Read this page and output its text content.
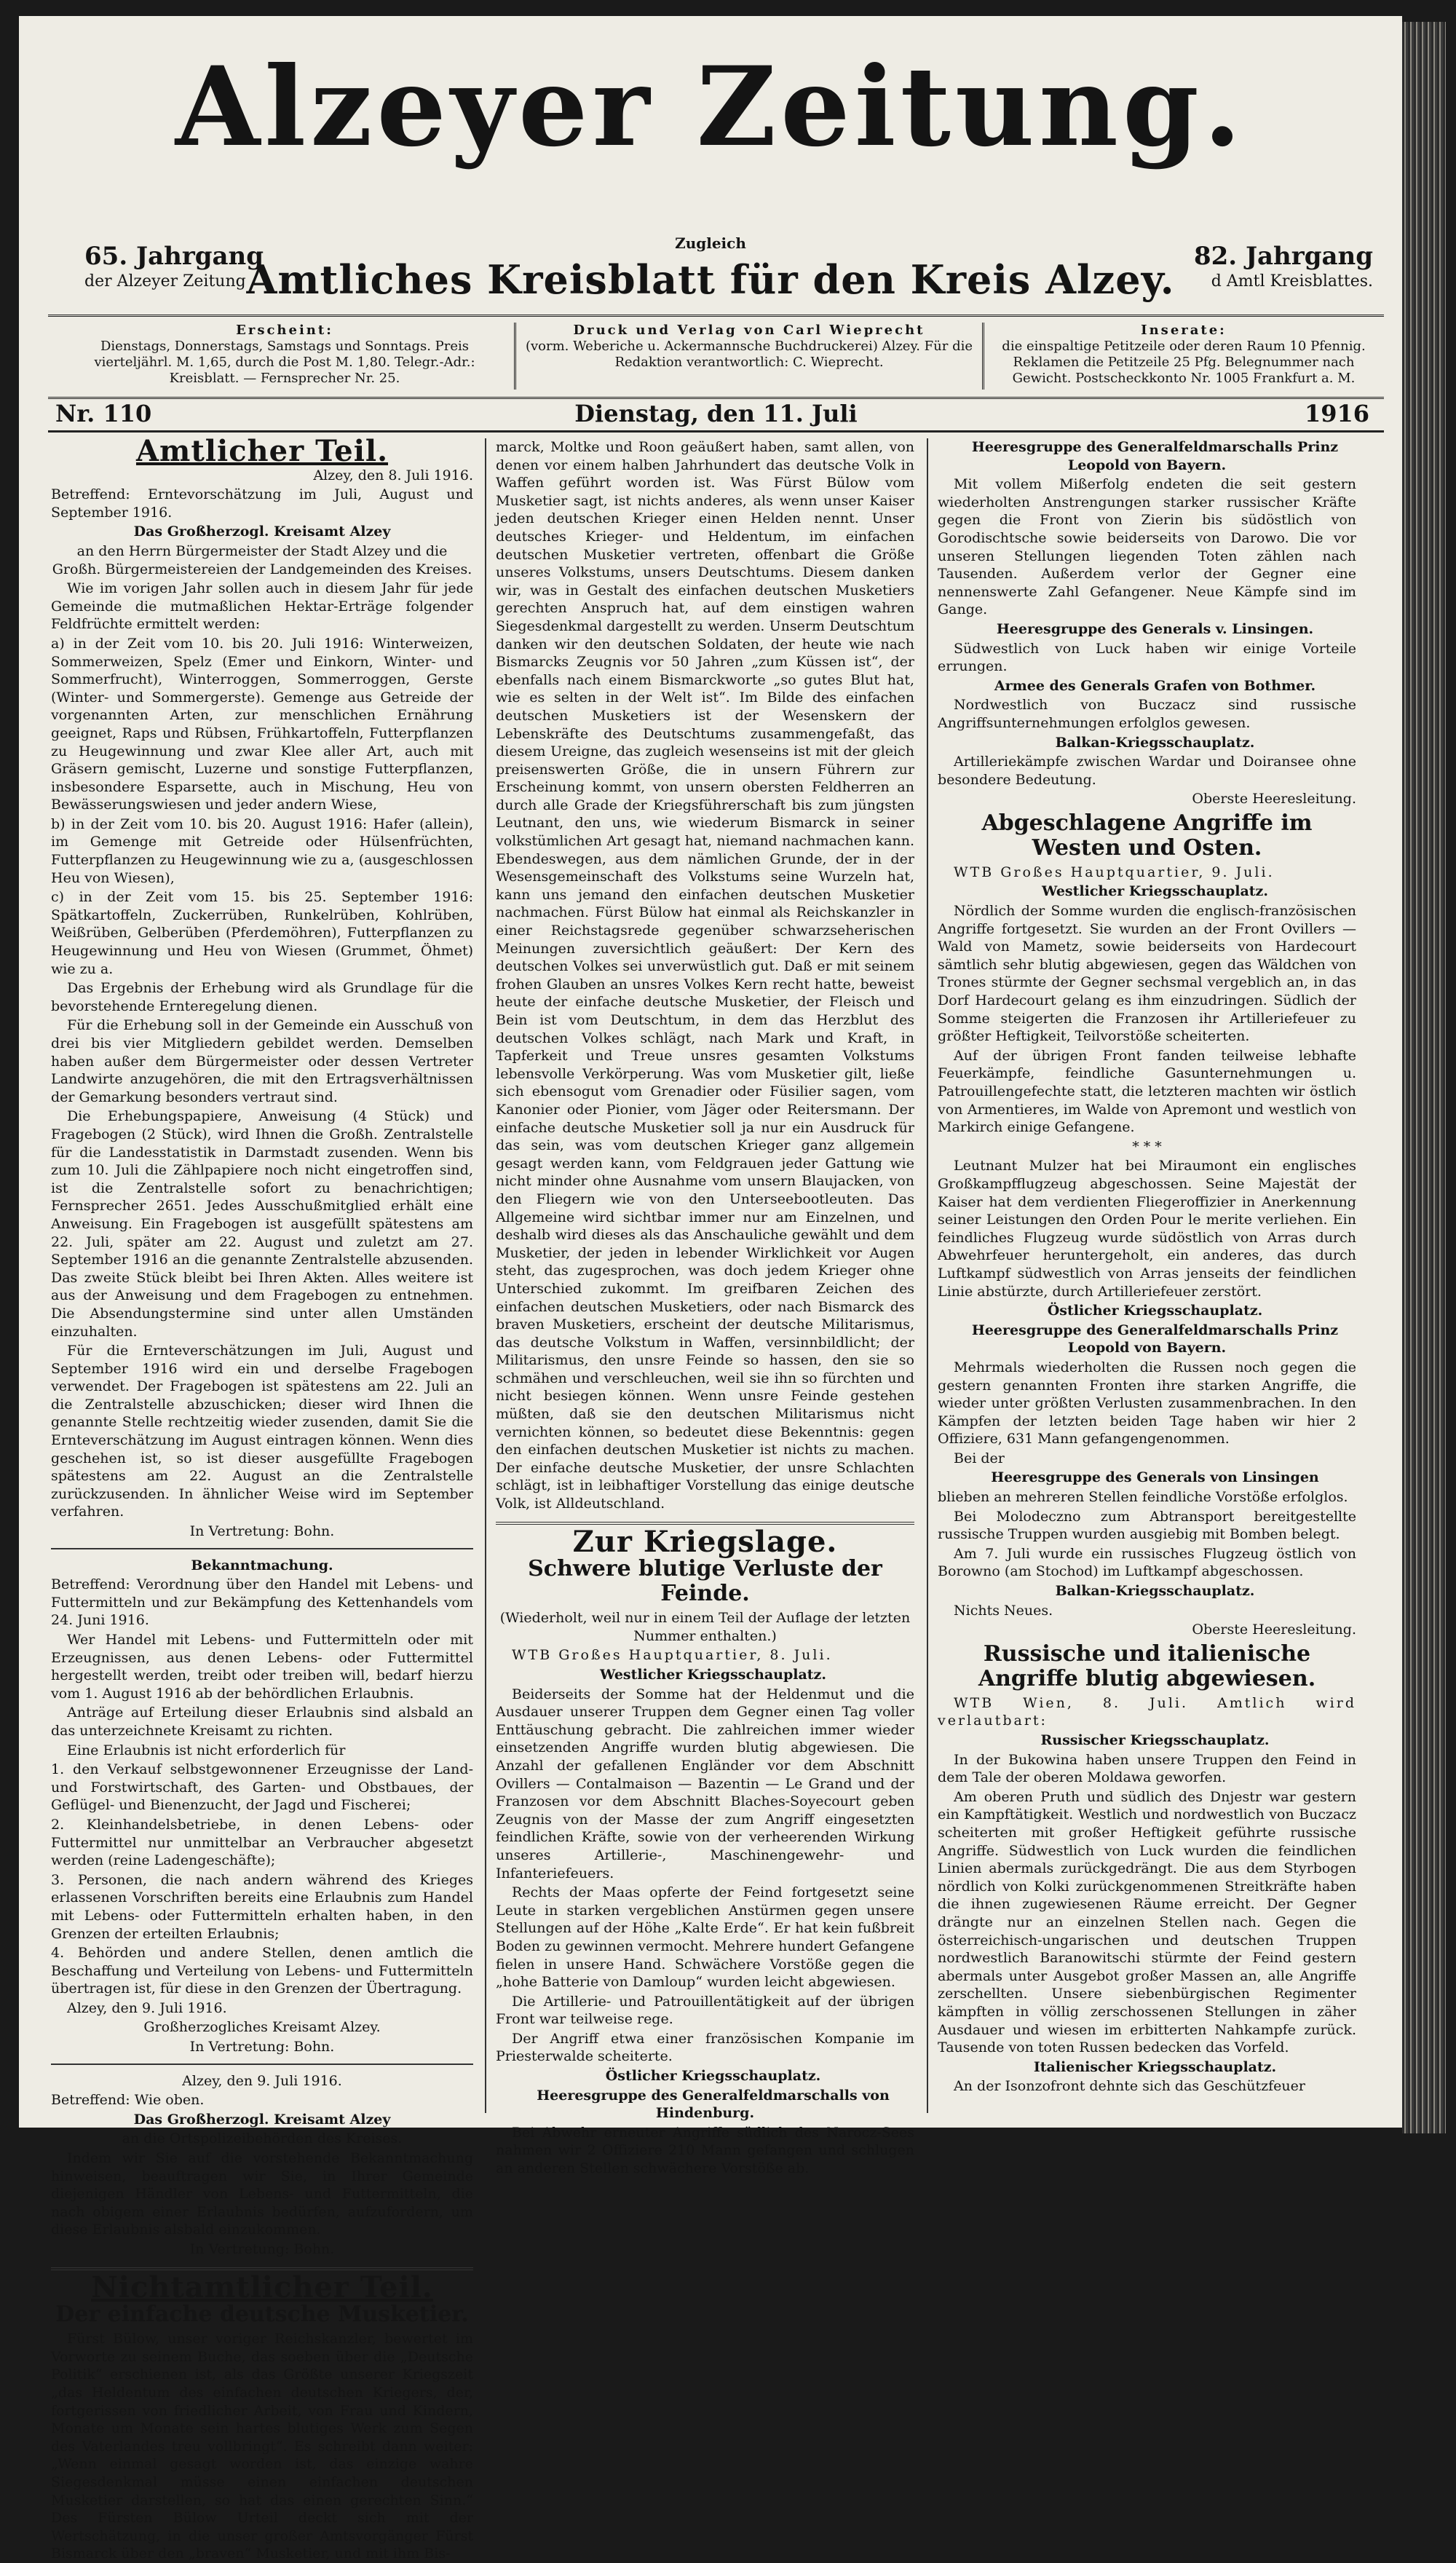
Alzeyer Zeitung.
65. Jahrgang
der Alzeyer Zeitung
Zugleich
Amtliches Kreisblatt für den Kreis Alzey. 82. Jahrgang
d Amtl Kreisblattes.
Erscheint:
Dienstags, Donnerstags, Samstags und Sonntags. Preis vierteljährl. M. 1,65, durch die Post M. 1,80. Telegr.-Adr.: Kreisblatt. — Fernsprecher Nr. 25.
Druck und Verlag von Carl Wieprecht
(vorm. Weberiche u. Ackermannsche Buchdruckerei) Alzey. Für die Redaktion verantwortlich: C. Wieprecht.
Inserate:
die einspaltige Petitzeile oder deren Raum 10 Pfennig. Reklamen die Petitzeile 25 Pfg. Belegnummer nach Gewicht. Postscheckkonto Nr. 1005 Frankfurt a. M.
Nr. 110	Dienstag, den 11. Juli	1916
Amtlicher Teil.

Alzey, den 8. Juli 1916.

Betreffend: Erntevorschätzung im Juli, August und September 1916.

Das Großherzogl. Kreisamt Alzey

an den Herrn Bürgermeister der Stadt Alzey und die Großh. Bürgermeistereien der Landgemeinden des Kreises.

Wie im vorigen Jahr sollen auch in diesem Jahr für jede Gemeinde die mutmaßlichen Hektar-Erträge folgender Feldfrüchte ermittelt werden:

a) in der Zeit vom 10. bis 20. Juli 1916: Winterweizen, Sommerweizen, Spelz (Emer und Einkorn, Winter- und Sommerfrucht), Winterroggen, Sommerroggen, Gerste (Winter- und Sommergerste). Gemenge aus Getreide der vorgenannten Arten, zur menschlichen Ernährung geeignet, Raps und Rübsen, Frühkartoffeln, Futterpflanzen zu Heugewinnung und zwar Klee aller Art, auch mit Gräsern gemischt, Luzerne und sonstige Futterpflanzen, insbesondere Esparsette, auch in Mischung, Heu von Bewässerungswiesen und jeder andern Wiese,

b) in der Zeit vom 10. bis 20. August 1916: Hafer (allein), im Gemenge mit Getreide oder Hülsenfrüchten, Futterpflanzen zu Heugewinnung wie zu a, (ausgeschlossen Heu von Wiesen),

c) in der Zeit vom 15. bis 25. September 1916: Spätkartoffeln, Zuckerrüben, Runkelrüben, Kohlrüben, Weißrüben, Gelberüben (Pferdemöhren), Futterpflanzen zu Heugewinnung und Heu von Wiesen (Grummet, Öhmet) wie zu a.

Das Ergebnis der Erhebung wird als Grundlage für die bevorstehende Ernteregelung dienen.

Für die Erhebung soll in der Gemeinde ein Ausschuß von drei bis vier Mitgliedern gebildet werden. Demselben haben außer dem Bürgermeister oder dessen Vertreter Landwirte anzugehören, die mit den Ertragsverhältnissen der Gemarkung besonders vertraut sind.

Die Erhebungspapiere, Anweisung (4 Stück) und Fragebogen (2 Stück), wird Ihnen die Großh. Zentralstelle für die Landesstatistik in Darmstadt zusenden. Wenn bis zum 10. Juli die Zählpapiere noch nicht eingetroffen sind, ist die Zentralstelle sofort zu benachrichtigen; Fernsprecher 2651. Jedes Ausschußmitglied erhält eine Anweisung. Ein Fragebogen ist ausgefüllt spätestens am 22. Juli, später am 22. August und zuletzt am 27. September 1916 an die genannte Zentralstelle abzusenden. Das zweite Stück bleibt bei Ihren Akten. Alles weitere ist aus der Anweisung und dem Fragebogen zu entnehmen. Die Absendungstermine sind unter allen Umständen einzuhalten.

Für die Ernteverschätzungen im Juli, August und September 1916 wird ein und derselbe Fragebogen verwendet. Der Fragebogen ist spätestens am 22. Juli an die Zentralstelle abzuschicken; dieser wird Ihnen die genannte Stelle rechtzeitig wieder zusenden, damit Sie die Ernteverschätzung im August eintragen können. Wenn dies geschehen ist, so ist dieser ausgefüllte Fragebogen spätestens am 22. August an die Zentralstelle zurückzusenden. In ähnlicher Weise wird im September verfahren.

In Vertretung: Bohn.

Bekanntmachung.

Betreffend: Verordnung über den Handel mit Lebens- und Futtermitteln und zur Bekämpfung des Kettenhandels vom 24. Juni 1916.

Wer Handel mit Lebens- und Futtermitteln oder mit Erzeugnissen, aus denen Lebens- oder Futtermittel hergestellt werden, treibt oder treiben will, bedarf hierzu vom 1. August 1916 ab der behördlichen Erlaubnis.

Anträge auf Erteilung dieser Erlaubnis sind alsbald an das unterzeichnete Kreisamt zu richten.

Eine Erlaubnis ist nicht erforderlich für

1. den Verkauf selbstgewonnener Erzeugnisse der Land- und Forstwirtschaft, des Garten- und Obstbaues, der Geflügel- und Bienenzucht, der Jagd und Fischerei;

2. Kleinhandelsbetriebe, in denen Lebens- oder Futtermittel nur unmittelbar an Verbraucher abgesetzt werden (reine Ladengeschäfte);

3. Personen, die nach andern während des Krieges erlassenen Vorschriften bereits eine Erlaubnis zum Handel mit Lebens- oder Futtermitteln erhalten haben, in den Grenzen der erteilten Erlaubnis;

4. Behörden und andere Stellen, denen amtlich die Beschaffung und Verteilung von Lebens- und Futtermitteln übertragen ist, für diese in den Grenzen der Übertragung.

Alzey, den 9. Juli 1916.

Großherzogliches Kreisamt Alzey.

In Vertretung: Bohn.

Alzey, den 9. Juli 1916.

Betreffend: Wie oben.

Das Großherzogl. Kreisamt Alzey

an die Ortspolizeibehörden des Kreises.

Indem wir Sie auf die vorstehende Bekanntmachung hinweisen, beauftragen wir Sie, in Ihrer Gemeinde diejenigen Händler von Lebens- und Futtermitteln, die nach obigem einer Erlaubnis bedürfen, aufzufordern, um diese Erlaubnis alsbald einzukommen.

In Vertretung: Bohn.

Nichtamtlicher Teil.
Der einfache deutsche Musketier.

Fürst Bülow, unser voriger Reichskanzler, bewertet im Vorworte zu seinem Buche, das soeben über die „Deutsche Politik“ erschienen ist, als das Größte unserer Kriegszeit „das Heldentum des einfachen deutschen Kriegers, der, fortgerissen von friedlicher Arbeit, von Frau und Kindern, Monate um Monate sein hartes blutiges Werk zum Segen des Vaterlandes treu vollbringt“. Es schreibt dann weiter: „Wenn einmal gesagt worden ist, das einzige wahre Siegesdenkmal müsse einen einfachen deutschen Musketier darstellen, so hat das einen gerechten Sinn.“ Des Fürsten Bülow Urteil deckt sich mit der Wertschätzung, in die unser großer Amtsvorgänger Fürst Bismarck über den „braven“ Musketier, und mit ihm Bis-

marck, Moltke und Roon geäußert haben, samt allen, von denen vor einem halben Jahrhundert das deutsche Volk in Waffen geführt worden ist. Was Fürst Bülow vom Musketier sagt, ist nichts anderes, als wenn unser Kaiser jeden deutschen Krieger einen Helden nennt. Unser deutsches Krieger- und Heldentum, im einfachen deutschen Musketier vertreten, offenbart die Größe unseres Volkstums, unsers Deutschtums. Diesem danken wir, was in Gestalt des einfachen deutschen Musketiers gerechten Anspruch hat, auf dem einstigen wahren Siegesdenkmal dargestellt zu werden. Unserm Deutschtum danken wir den deutschen Soldaten, der heute wie nach Bismarcks Zeugnis vor 50 Jahren „zum Küssen ist“, der ebenfalls nach einem Bismarckworte „so gutes Blut hat, wie es selten in der Welt ist“. Im Bilde des einfachen deutschen Musketiers ist der Wesenskern der Lebenskräfte des Deutschtums zusammengefaßt, das diesem Ureigne, das zugleich wesenseins ist mit der gleich preisenswerten Größe, die in unsern Führern zur Erscheinung kommt, von unsern obersten Feldherren an durch alle Grade der Kriegsführerschaft bis zum jüngsten Leutnant, den uns, wie wiederum Bismarck in seiner volkstümlichen Art gesagt hat, niemand nachmachen kann. Ebendeswegen, aus dem nämlichen Grunde, der in der Wesensgemeinschaft des Volkstums seine Wurzeln hat, kann uns jemand den einfachen deutschen Musketier nachmachen. Fürst Bülow hat einmal als Reichskanzler in einer Reichstagsrede gegenüber schwarzseherischen Meinungen zuversichtlich geäußert: Der Kern des deutschen Volkes sei unverwüstlich gut. Daß er mit seinem frohen Glauben an unsres Volkes Kern recht hatte, beweist heute der einfache deutsche Musketier, der Fleisch und Bein ist vom Deutschtum, in dem das Herzblut des deutschen Volkes schlägt, nach Mark und Kraft, in Tapferkeit und Treue unsres gesamten Volkstums lebensvolle Verkörperung. Was vom Musketier gilt, ließe sich ebensogut vom Grenadier oder Füsilier sagen, vom Kanonier oder Pionier, vom Jäger oder Reitersmann. Der einfache deutsche Musketier soll ja nur ein Ausdruck für das sein, was vom deutschen Krieger ganz allgemein gesagt werden kann, vom Feldgrauen jeder Gattung wie nicht minder ohne Ausnahme vom unsern Blaujacken, von den Fliegern wie von den Unterseebootleuten. Das Allgemeine wird sichtbar immer nur am Einzelnen, und deshalb wird dieses als das Anschauliche gewählt und dem Musketier, der jeden in lebender Wirklichkeit vor Augen steht, das zugesprochen, was doch jedem Krieger ohne Unterschied zukommt. Im greifbaren Zeichen des einfachen deutschen Musketiers, oder nach Bismarck des braven Musketiers, erscheint der deutsche Militarismus, das deutsche Volkstum in Waffen, versinnbildlicht; der Militarismus, den unsre Feinde so hassen, den sie so schmähen und verschleuchen, weil sie ihn so fürchten und nicht besiegen können. Wenn unsre Feinde gestehen müßten, daß sie den deutschen Militarismus nicht vernichten können, so bedeutet diese Bekenntnis: gegen den einfachen deutschen Musketier ist nichts zu machen. Der einfache deutsche Musketier, der unsre Schlachten schlägt, ist in leibhaftiger Vorstellung das einige deutsche Volk, ist Alldeutschland.

Zur Kriegslage.
Schwere blutige Verluste der Feinde.

(Wiederholt, weil nur in einem Teil der Auflage der letzten Nummer enthalten.)

WTB Großes Hauptquartier, 8. Juli.

Westlicher Kriegsschauplatz.

Beiderseits der Somme hat der Heldenmut und die Ausdauer unserer Truppen dem Gegner einen Tag voller Enttäuschung gebracht. Die zahlreichen immer wieder einsetzenden Angriffe wurden blutig abgewiesen. Die Anzahl der gefallenen Engländer vor dem Abschnitt Ovillers — Contalmaison — Bazentin — Le Grand und der Franzosen vor dem Abschnitt Blaches-Soyecourt geben Zeugnis von der Masse der zum Angriff eingesetzten feindlichen Kräfte, sowie von der verheerenden Wirkung unseres Artillerie-, Maschinengewehr- und Infanteriefeuers.

Rechts der Maas opferte der Feind fortgesetzt seine Leute in starken vergeblichen Anstürmen gegen unsere Stellungen auf der Höhe „Kalte Erde“. Er hat kein fußbreit Boden zu gewinnen vermocht. Mehrere hundert Gefangene fielen in unsere Hand. Schwächere Vorstöße gegen die „hohe Batterie von Damloup“ wurden leicht abgewiesen.

Die Artillerie- und Patrouillentätigkeit auf der übrigen Front war teilweise rege.

Der Angriff etwa einer französischen Kompanie im Priesterwalde scheiterte.

Östlicher Kriegsschauplatz.

Heeresgruppe des Generalfeldmarschalls von Hindenburg.

Bei Abwehr erneuter Angriffe südlich des Narocz-Sees nahmen wir 2 Offiziere 210 Mann gefangen und schlugen an anderen Stellen schwächere Vorstöße ab.

Heeresgruppe des Generalfeldmarschalls Prinz Leopold von Bayern.

Mit vollem Mißerfolg endeten die seit gestern wiederholten Anstrengungen starker russischer Kräfte gegen die Front von Zierin bis südöstlich von Gorodischtsche sowie beiderseits von Darowo. Die vor unseren Stellungen liegenden Toten zählen nach Tausenden. Außerdem verlor der Gegner eine nennenswerte Zahl Gefangener. Neue Kämpfe sind im Gange.

Heeresgruppe des Generals v. Linsingen.

Südwestlich von Luck haben wir einige Vorteile errungen.

Armee des Generals Grafen von Bothmer.

Nordwestlich von Buczacz sind russische Angriffsunternehmungen erfolglos gewesen.

Balkan-Kriegsschauplatz.

Artilleriekämpfe zwischen Wardar und Doiransee ohne besondere Bedeutung.

Oberste Heeresleitung.

Abgeschlagene Angriffe im Westen und Osten.

WTB Großes Hauptquartier, 9. Juli.

Westlicher Kriegsschauplatz.

Nördlich der Somme wurden die englisch-französischen Angriffe fortgesetzt. Sie wurden an der Front Ovillers — Wald von Mametz, sowie beiderseits von Hardecourt sämtlich sehr blutig abgewiesen, gegen das Wäldchen von Trones stürmte der Gegner sechsmal vergeblich an, in das Dorf Hardecourt gelang es ihm einzudringen. Südlich der Somme steigerten die Franzosen ihr Artilleriefeuer zu größter Heftigkeit, Teilvorstöße scheiterten.

Auf der übrigen Front fanden teilweise lebhafte Feuerkämpfe, feindliche Gasunternehmungen u. Patrouillengefechte statt, die letzteren machten wir östlich von Armentieres, im Walde von Apremont und westlich von Markirch einige Gefangene.

* * *

Leutnant Mulzer hat bei Miraumont ein englisches Großkampfflugzeug abgeschossen. Seine Majestät der Kaiser hat dem verdienten Fliegeroffizier in Anerkennung seiner Leistungen den Orden Pour le merite verliehen. Ein feindliches Flugzeug wurde südöstlich von Arras durch Abwehrfeuer heruntergeholt, ein anderes, das durch Luftkampf südwestlich von Arras jenseits der feindlichen Linie abstürzte, durch Artilleriefeuer zerstört.

Östlicher Kriegsschauplatz.

Heeresgruppe des Generalfeldmarschalls Prinz Leopold von Bayern.

Mehrmals wiederholten die Russen noch gegen die gestern genannten Fronten ihre starken Angriffe, die wieder unter größten Verlusten zusammenbrachen. In den Kämpfen der letzten beiden Tage haben wir hier 2 Offiziere, 631 Mann gefangengenommen.

Bei der

Heeresgruppe des Generals von Linsingen

blieben an mehreren Stellen feindliche Vorstöße erfolglos.

Bei Molodeczno zum Abtransport bereitgestellte russische Truppen wurden ausgiebig mit Bomben belegt.

Am 7. Juli wurde ein russisches Flugzeug östlich von Borowno (am Stochod) im Luftkampf abgeschossen.

Balkan-Kriegsschauplatz.

Nichts Neues.

Oberste Heeresleitung.

Russische und italienische Angriffe blutig abgewiesen.

WTB Wien, 8. Juli. Amtlich wird verlautbart:

Russischer Kriegsschauplatz.

In der Bukowina haben unsere Truppen den Feind in dem Tale der oberen Moldawa geworfen.

Am oberen Pruth und südlich des Dnjestr war gestern ein Kampftätigkeit. Westlich und nordwestlich von Buczacz scheiterten mit großer Heftigkeit geführte russische Angriffe. Südwestlich von Luck wurden die feindlichen Linien abermals zurückgedrängt. Die aus dem Styrbogen nördlich von Kolki zurückgenommenen Streitkräfte haben die ihnen zugewiesenen Räume erreicht. Der Gegner drängte nur an einzelnen Stellen nach. Gegen die österreichisch-ungarischen und deutschen Truppen nordwestlich Baranowitschi stürmte der Feind gestern abermals unter Ausgebot großer Massen an, alle Angriffe zerschellten. Unsere siebenbürgischen Regimenter kämpften in völlig zerschossenen Stellungen in zäher Ausdauer und wiesen im erbitterten Nahkampfe zurück. Tausende von toten Russen bedecken das Vorfeld.

Italienischer Kriegsschauplatz.

An der Isonzofront dehnte sich das Geschützfeuer
